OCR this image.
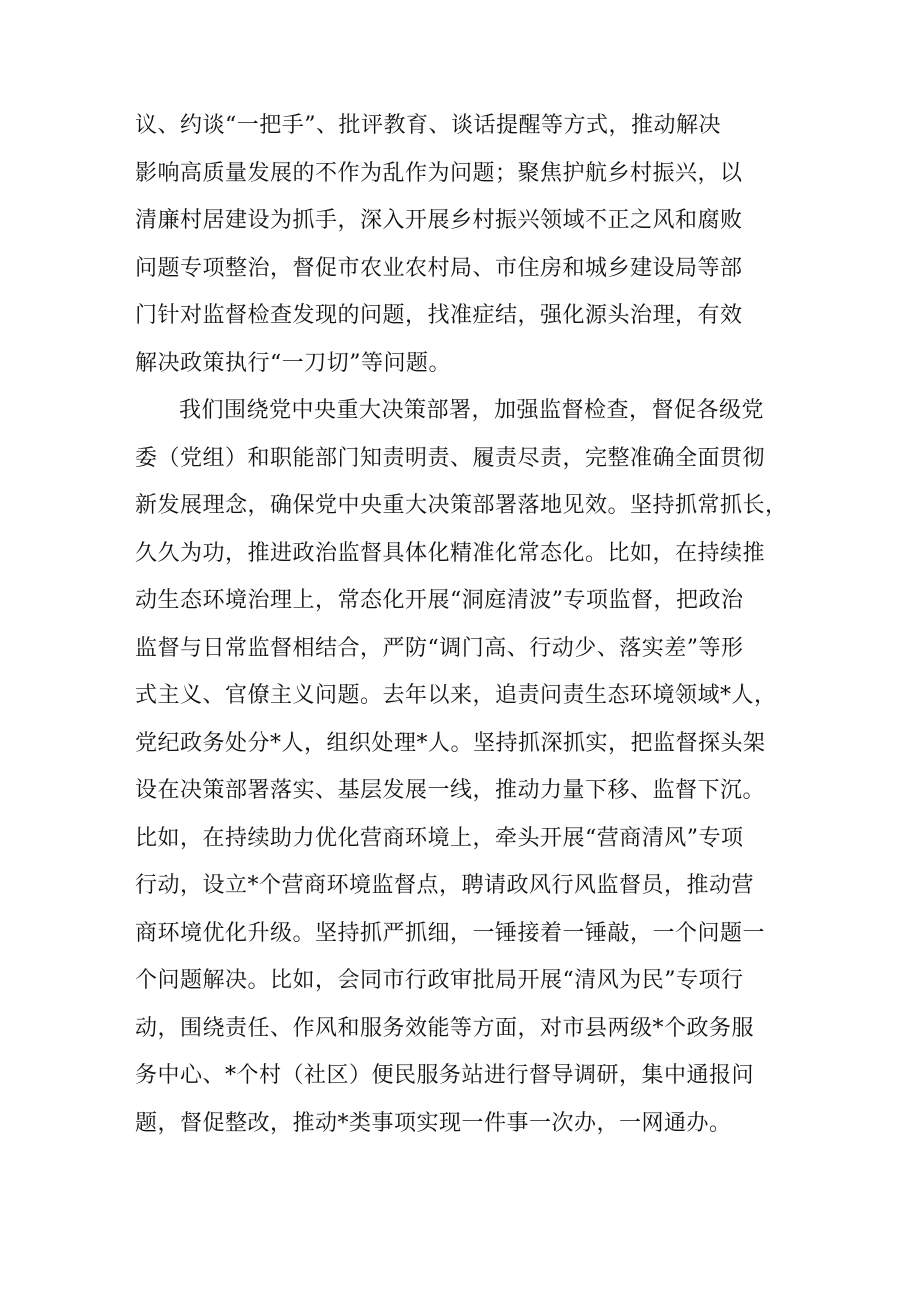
议、约谈“一把手”、批评教育、谈话提醒等方式，推动解决
影响高质量发展的不作为乱作为问题；聚焦护航乡村振兴，以
清廉村居建设为抓手，深入开展乡村振兴领域不正之风和腐败
问题专项整治，督促市农业农村局、市住房和城乡建设局等部
门针对监督检查发现的问题，找准症结，强化源头治理，有效
解决政策执行“一刀切”等问题。
我们围绕党中央重大决策部署，加强监督检查，督促各级党
委（党组）和职能部门知责明责、履责尽责，完整准确全面贯彻
新发展理念，确保党中央重大决策部署落地见效。坚持抓常抓长，
久久为功，推进政治监督具体化精准化常态化。比如，在持续推
动生态环境治理上，常态化开展“洞庭清波”专项监督，把政治
监督与日常监督相结合，严防“调门高、行动少、落实差”等形
式主义、官僚主义问题。去年以来，追责问责生态环境领域*人，
党纪政务处分*人，组织处理*人。坚持抓深抓实，把监督探头架
设在决策部署落实、基层发展一线，推动力量下移、监督下沉。
比如，在持续助力优化营商环境上，牵头开展“营商清风”专项
行动，设立*个营商环境监督点，聘请政风行风监督员，推动营
商环境优化升级。坚持抓严抓细，一锤接着一锤敲，一个问题一
个问题解决。比如，会同市行政审批局开展“清风为民”专项行
动，围绕责任、作风和服务效能等方面，对市县两级*个政务服
务中心、*个村（社区）便民服务站进行督导调研，集中通报问
题，督促整改，推动*类事项实现一件事一次办，一网通办。
